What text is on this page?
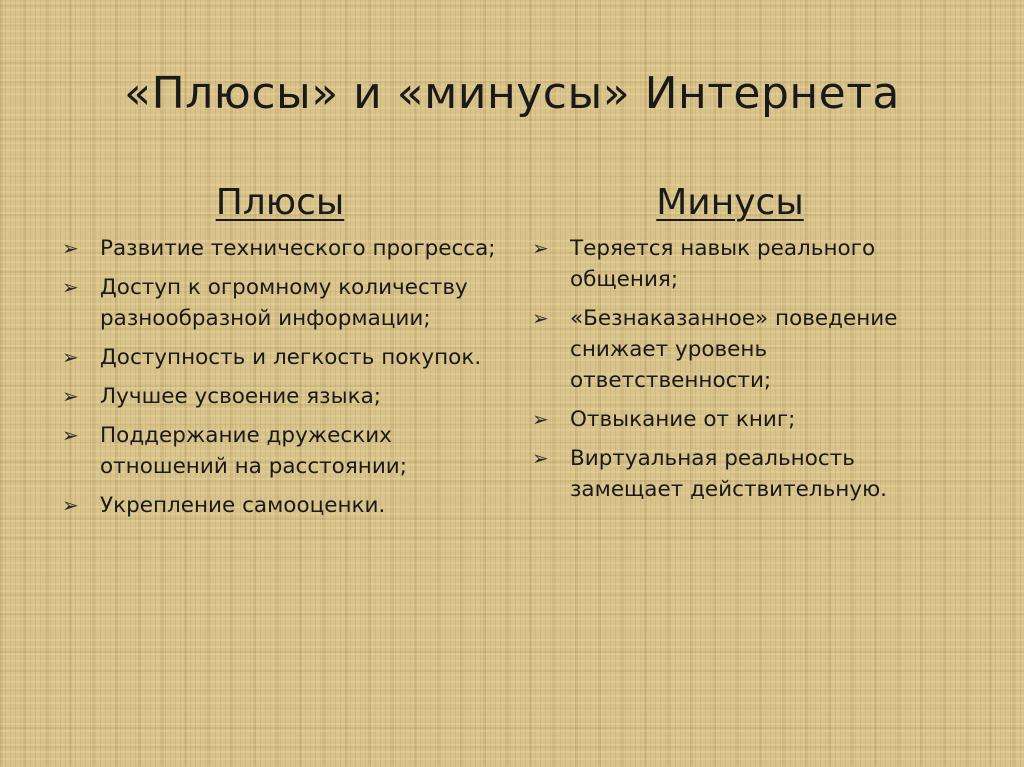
«Плюсы» и «минусы» Интернета
Плюсы
➢ Развитие технического прогресса;
➢ Доступ к огромному количеству разнообразной информации;
➢ Доступность и легкость покупок.
➢ Лучшее усвоение языка;
➢ Поддержание дружеских отношений на расстоянии;
➢ Укрепление самооценки.
Минусы
➢ Теряется навык реального общения;
➢ «Безнаказанное» поведение снижает уровень ответственности;
➢ Отвыкание от книг;
➢ Виртуальная реальность замещает действительную.
